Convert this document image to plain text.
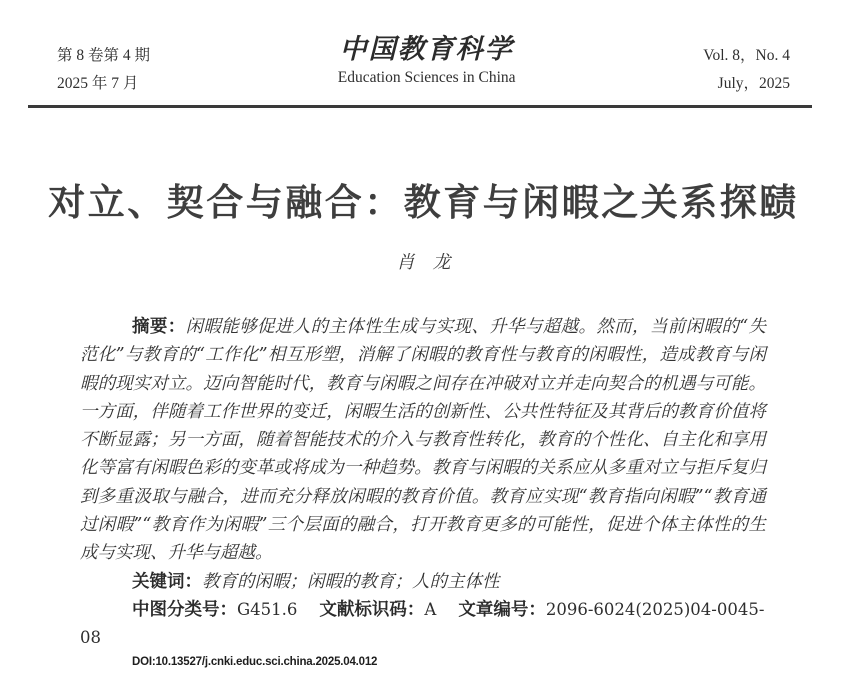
第 8 卷第 4 期
2025 年 7 月
中国教育科学
Education Sciences in China
Vol. 8，No. 4
July，2025
对立、契合与融合：教育与闲暇之关系探赜
肖　龙

摘要：闲暇能够促进人的主体性生成与实现、升华与超越。然而，当前闲暇的“失范化”与教育的“工作化”相互形塑，消解了闲暇的教育性与教育的闲暇性，造成教育与闲暇的现实对立。迈向智能时代，教育与闲暇之间存在冲破对立并走向契合的机遇与可能。一方面，伴随着工作世界的变迁，闲暇生活的创新性、公共性特征及其背后的教育价值将不断显露；另一方面，随着智能技术的介入与教育性转化，教育的个性化、自主化和享用化等富有闲暇色彩的变革或将成为一种趋势。教育与闲暇的关系应从多重对立与拒斥复归到多重汲取与融合，进而充分释放闲暇的教育价值。教育应实现“教育指向闲暇”“教育通过闲暇”“教育作为闲暇”三个层面的融合，打开教育更多的可能性，促进个体主体性的生成与实现、升华与超越。

关键词：教育的闲暇；闲暇的教育；人的主体性

中图分类号：G451.6 文献标识码：A 文章编号：2096-6024(2025)04-0045-08

DOI:10.13527/j.cnki.educ.sci.china.2025.04.012
